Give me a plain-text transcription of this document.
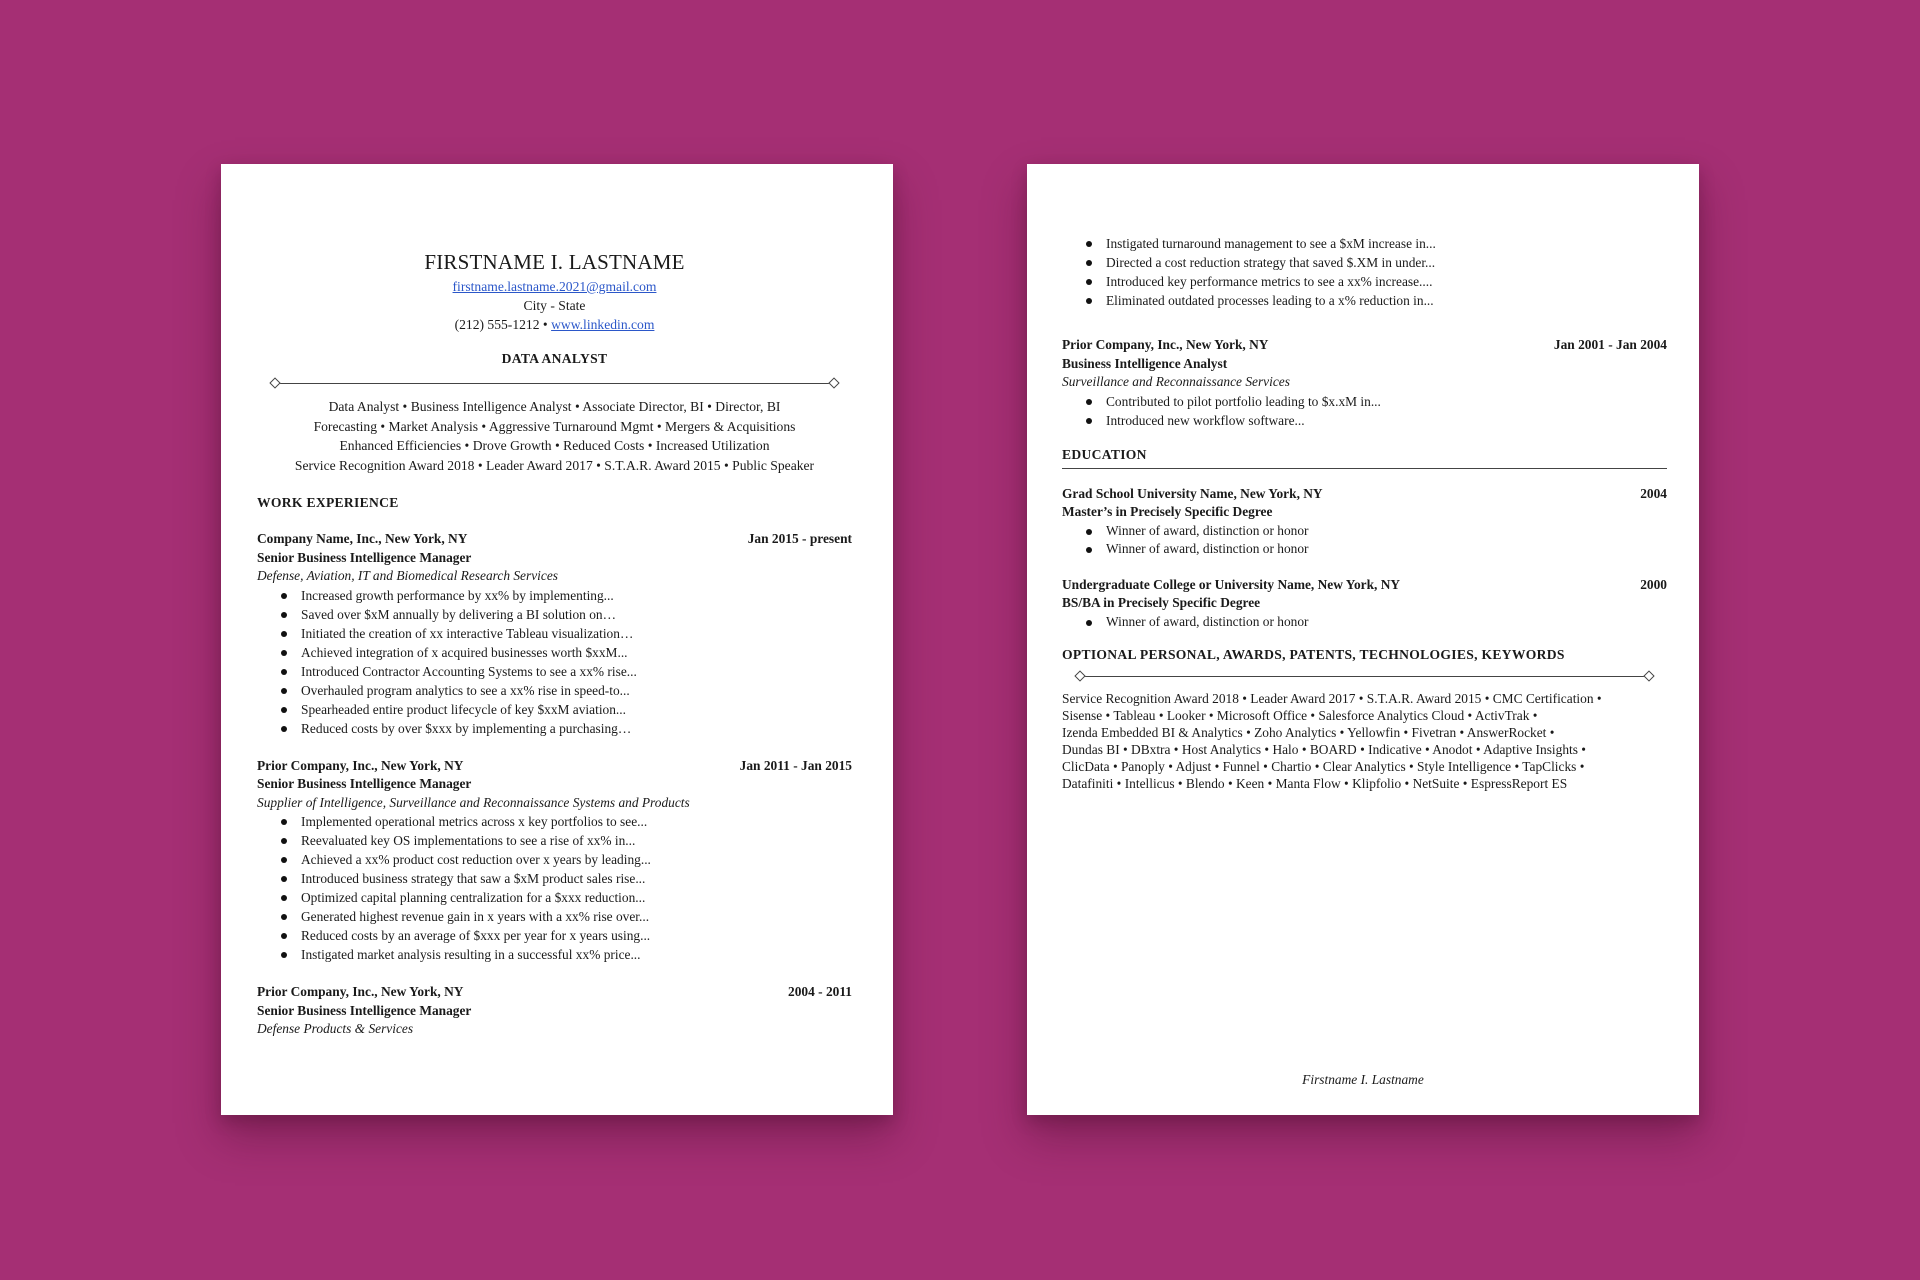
FIRSTNAME I. LASTNAME
firstname.lastname.2021@gmail.com
City - State
(212) 555-1212 • www.linkedin.com
DATA ANALYST
Data Analyst • Business Intelligence Analyst • Associate Director, BI • Director, BI
Forecasting • Market Analysis • Aggressive Turnaround Mgmt • Mergers & Acquisitions
Enhanced Efficiencies • Drove Growth • Reduced Costs • Increased Utilization
Service Recognition Award 2018 • Leader Award 2017 • S.T.A.R. Award 2015 • Public Speaker
WORK EXPERIENCE
Company Name, Inc., New York, NY	Jan 2015 - present
Senior Business Intelligence Manager
Defense, Aviation, IT and Biomedical Research Services
Increased growth performance by xx% by implementing...
Saved over $xM annually by delivering a BI solution on…
Initiated the creation of xx interactive Tableau visualization…
Achieved integration of x acquired businesses worth $xxM...
Introduced Contractor Accounting Systems to see a xx% rise...
Overhauled program analytics to see a xx% rise in speed-to...
Spearheaded entire product lifecycle of key $xxM aviation...
Reduced costs by over $xxx by implementing a purchasing…
Prior Company, Inc., New York, NY	Jan 2011 - Jan 2015
Senior Business Intelligence Manager
Supplier of Intelligence, Surveillance and Reconnaissance Systems and Products
Implemented operational metrics across x key portfolios to see...
Reevaluated key OS implementations to see a rise of xx% in...
Achieved a xx% product cost reduction over x years by leading...
Introduced business strategy that saw a $xM product sales rise...
Optimized capital planning centralization for a $xxx reduction...
Generated highest revenue gain in x years with a xx% rise over...
Reduced costs by an average of $xxx per year for x years using...
Instigated market analysis resulting in a successful xx% price...
Prior Company, Inc., New York, NY	2004 - 2011
Senior Business Intelligence Manager
Defense Products & Services
Instigated turnaround management to see a $xM increase in...
Directed a cost reduction strategy that saved $.XM in under...
Introduced key performance metrics to see a xx% increase....
Eliminated outdated processes leading to a x% reduction in...
Prior Company, Inc., New York, NY	Jan 2001 - Jan 2004
Business Intelligence Analyst
Surveillance and Reconnaissance Services
Contributed to pilot portfolio leading to $x.xM in...
Introduced new workflow software...
EDUCATION
Grad School University Name, New York, NY	2004
Master’s in Precisely Specific Degree
Winner of award, distinction or honor
Winner of award, distinction or honor
Undergraduate College or University Name, New York, NY	2000
BS/BA in Precisely Specific Degree
Winner of award, distinction or honor
OPTIONAL PERSONAL, AWARDS, PATENTS, TECHNOLOGIES, KEYWORDS
Service Recognition Award 2018 • Leader Award 2017 • S.T.A.R. Award 2015 • CMC Certification •
Sisense • Tableau • Looker • Microsoft Office • Salesforce Analytics Cloud • ActivTrak •
Izenda Embedded BI & Analytics • Zoho Analytics • Yellowfin • Fivetran • AnswerRocket •
Dundas BI • DBxtra • Host Analytics • Halo • BOARD • Indicative • Anodot • Adaptive Insights •
ClicData • Panoply • Adjust • Funnel • Chartio • Clear Analytics • Style Intelligence • TapClicks •
Datafiniti • Intellicus • Blendo • Keen • Manta Flow • Klipfolio • NetSuite • EspressReport ES
Firstname I. Lastname
